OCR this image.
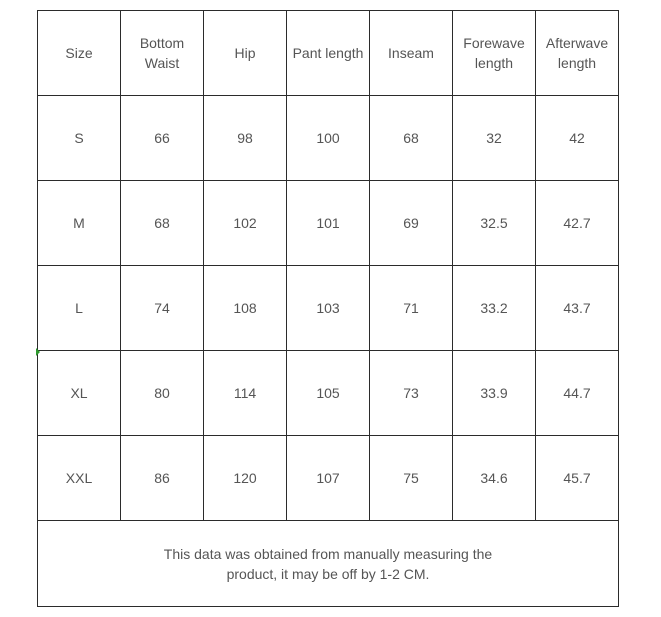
Size	Bottom Waist	Hip	Pant length	Inseam	Forewave length	Afterwave length
S	66	98	100	68	32	42
M	68	102	101	69	32.5	42.7
L	74	108	103	71	33.2	43.7
XL	80	114	105	73	33.9	44.7
XXL	86	120	107	75	34.6	45.7
This data was obtained from manually measuring the
product, it may be off by 1-2 CM.						
